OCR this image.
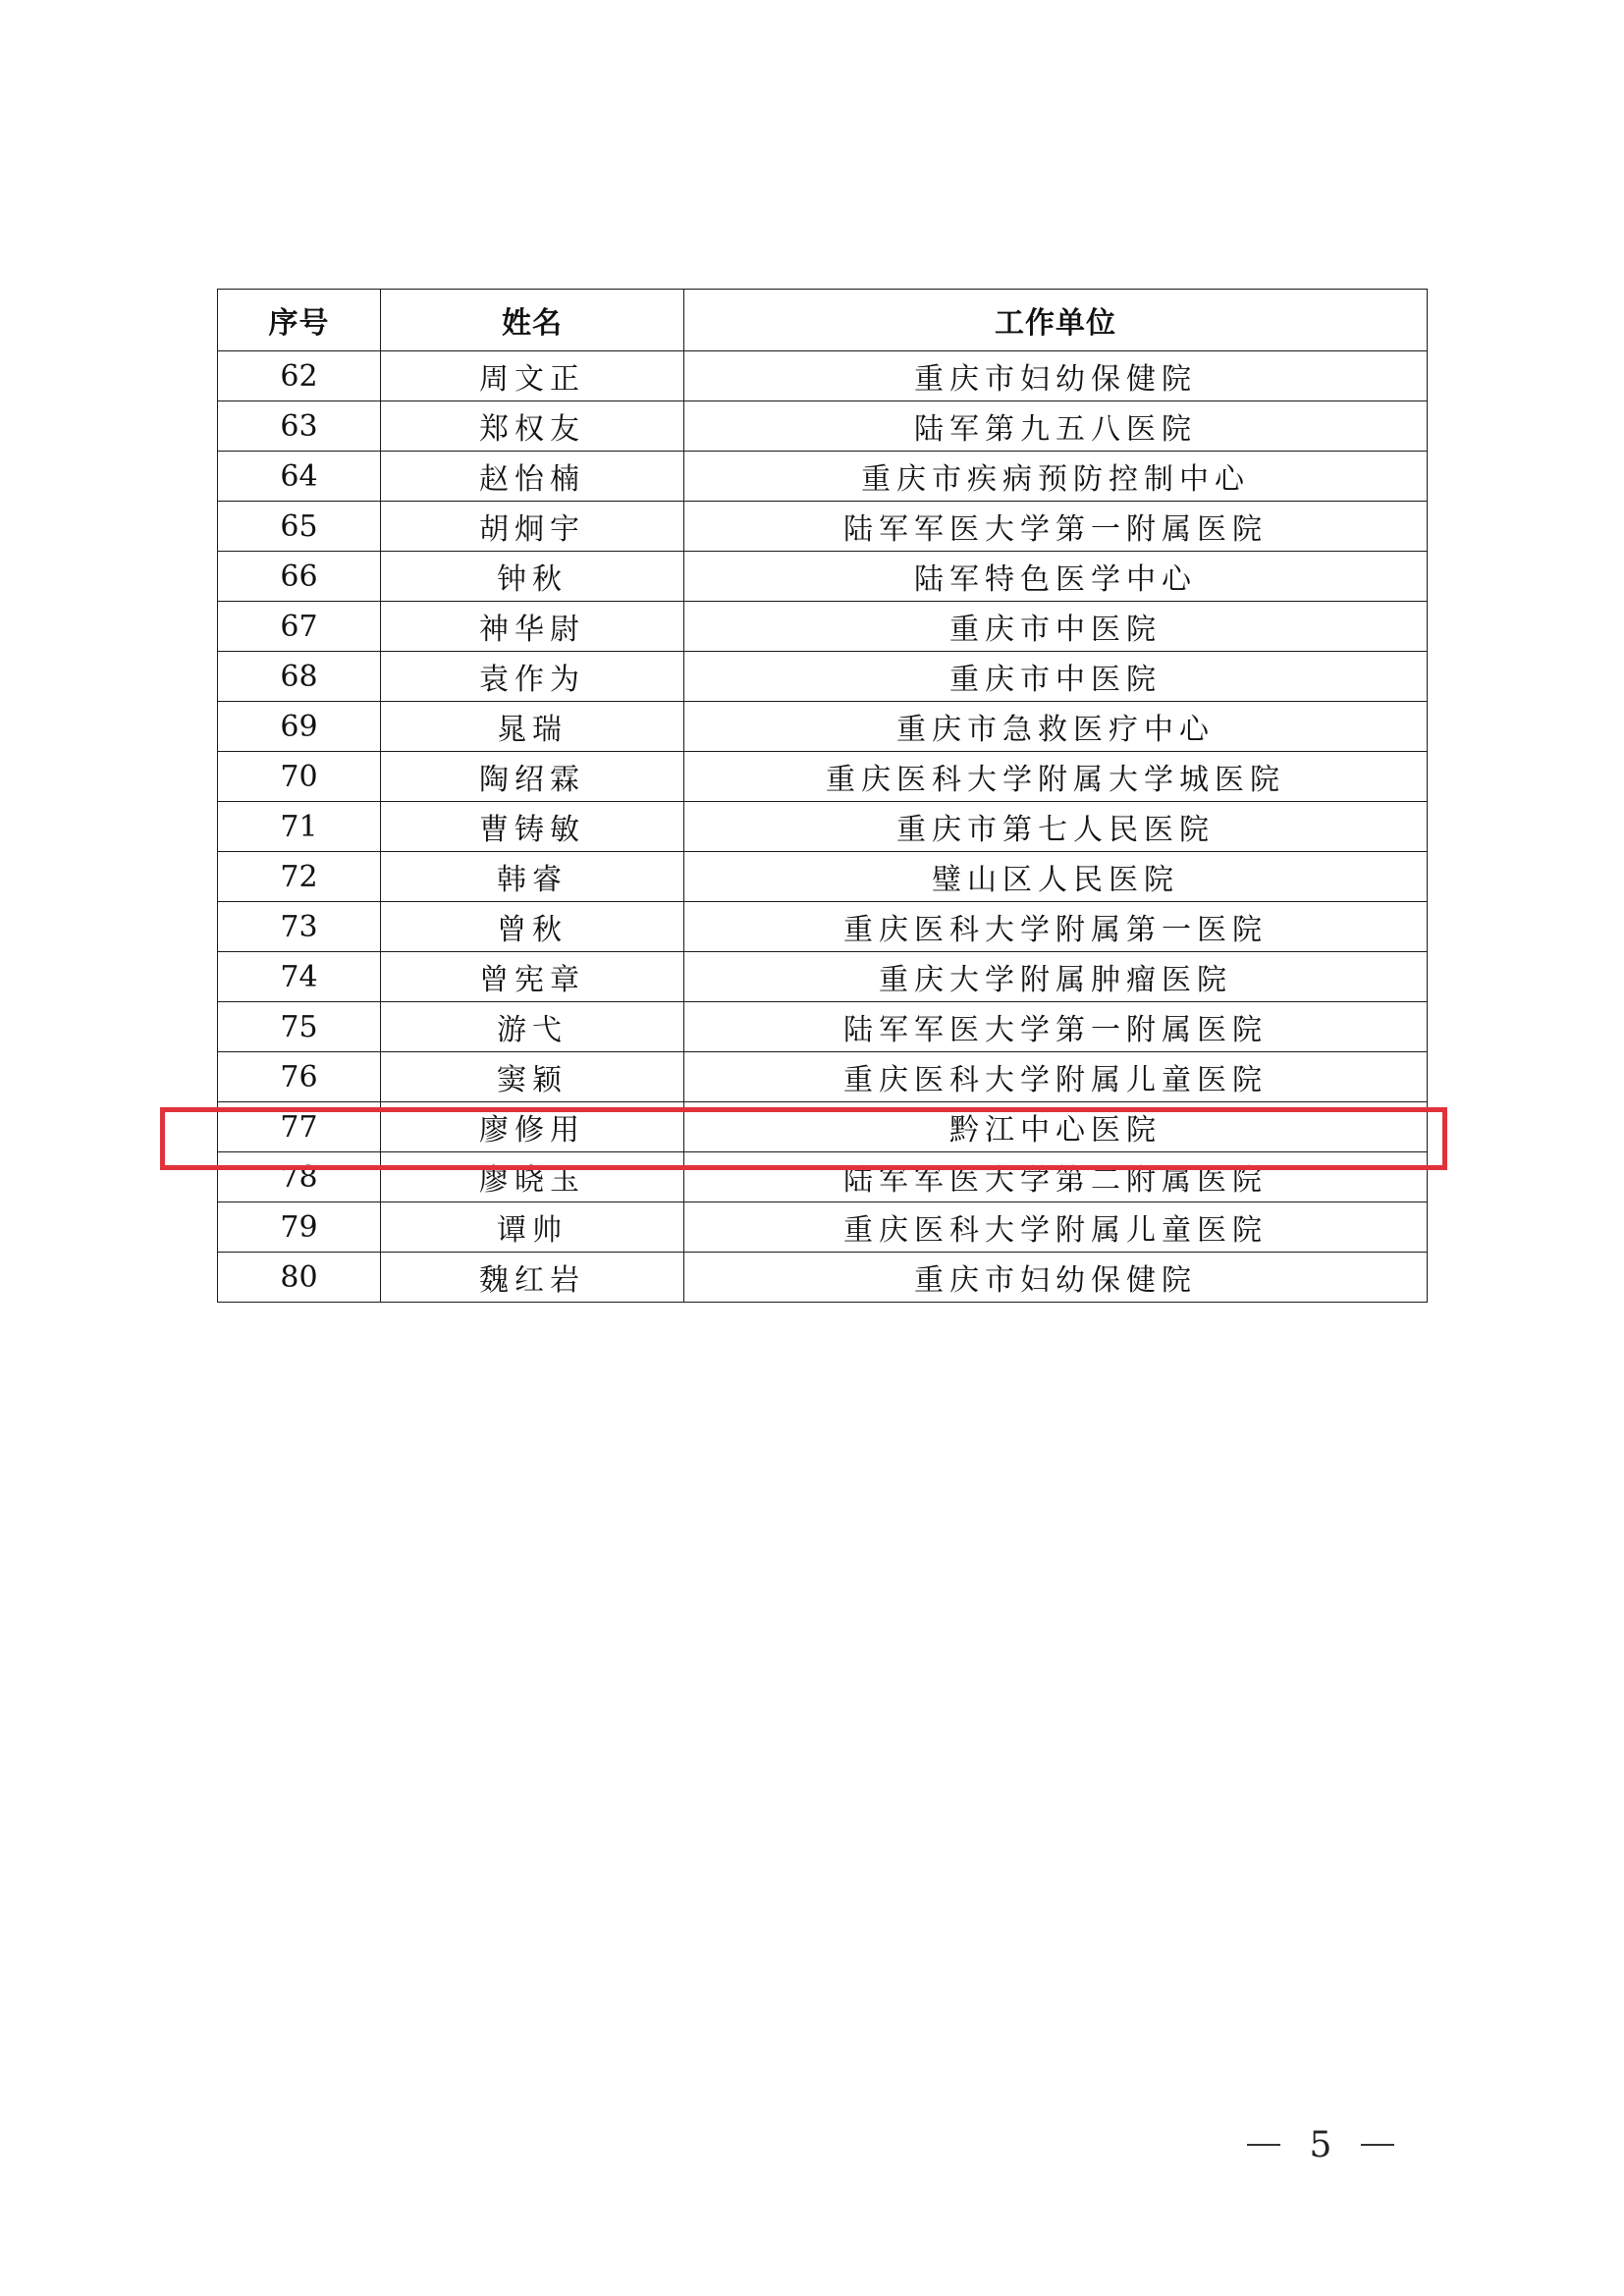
序号	姓名	工作单位
62	周文正	重庆市妇幼保健院
63	郑权友	陆军第九五八医院
64	赵怡楠	重庆市疾病预防控制中心
65	胡炯宇	陆军军医大学第一附属医院
66	钟秋	陆军特色医学中心
67	神华尉	重庆市中医院
68	袁作为	重庆市中医院
69	晁瑞	重庆市急救医疗中心
70	陶绍霖	重庆医科大学附属大学城医院
71	曹铸敏	重庆市第七人民医院
72	韩睿	璧山区人民医院
73	曾秋	重庆医科大学附属第一医院
74	曾宪章	重庆大学附属肿瘤医院
75	游弋	陆军军医大学第一附属医院
76	窦颖	重庆医科大学附属儿童医院
77	廖修用	黔江中心医院
78	廖晓玉	陆军军医大学第二附属医院
79	谭帅	重庆医科大学附属儿童医院
80	魏红岩	重庆市妇幼保健院
5
